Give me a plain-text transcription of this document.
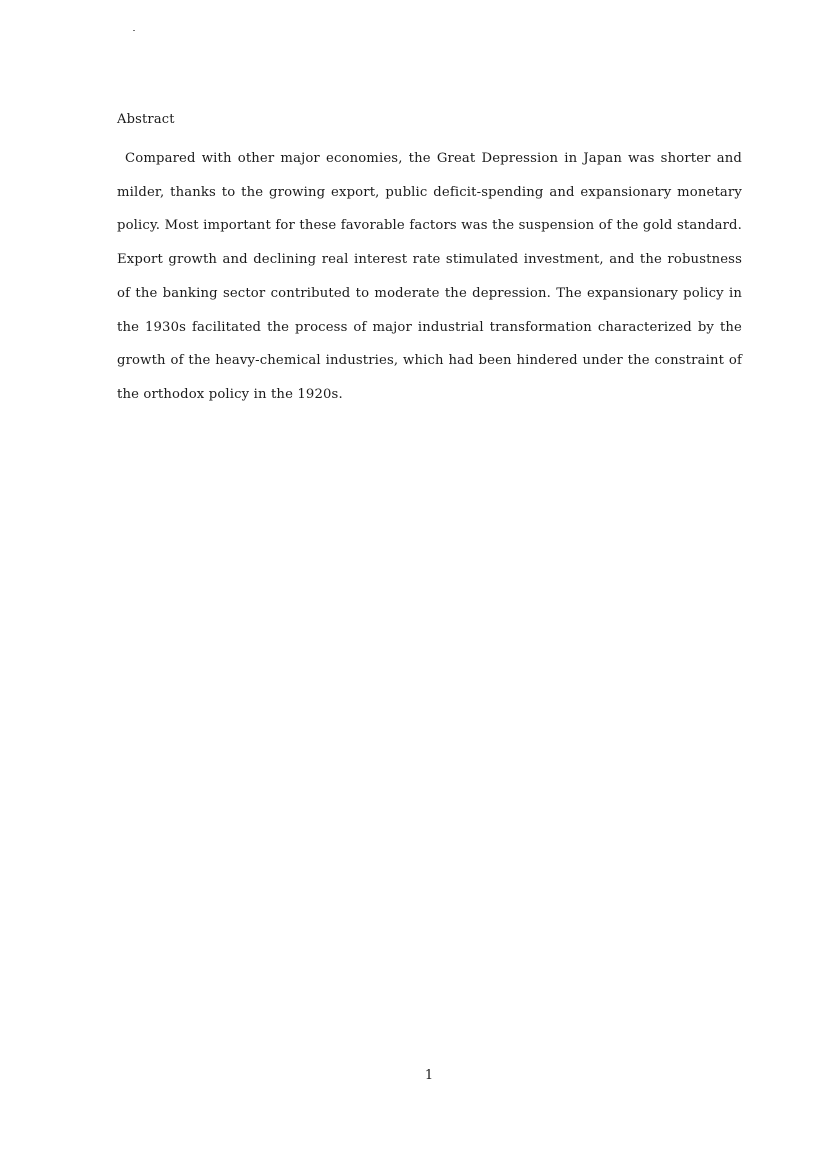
Abstract

Compared with other major economies, the Great Depression in Japan was shorter and milder, thanks to the growing export, public deficit-spending and expansionary monetary policy. Most important for these favorable factors was the suspension of the gold standard. Export growth and declining real interest rate stimulated investment, and the robustness of the banking sector contributed to moderate the depression. The expansionary policy in the 1930s facilitated the process of major industrial transformation characterized by the growth of the heavy-chemical industries, which had been hindered under the constraint of the orthodox policy in the 1920s.

1
